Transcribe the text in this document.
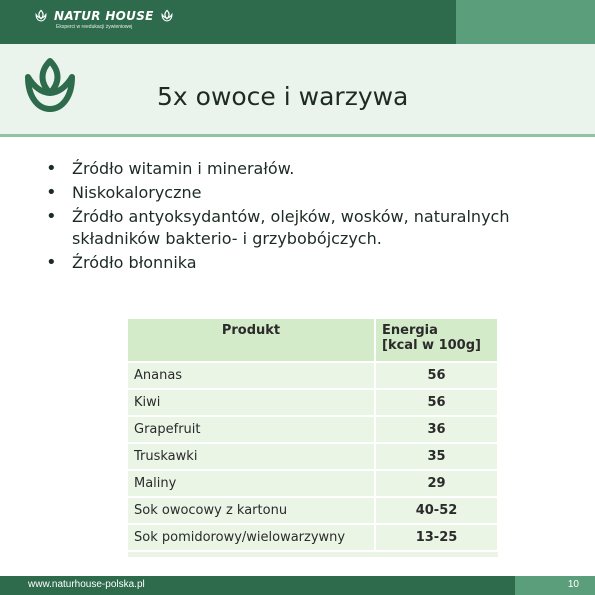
NATUR HOUSE
Eksperci w reedukacji żywieniowej
5x owoce i warzywa
• Źródło witamin i minerałów.
• Niskokaloryczne
• Źródło antyoksydantów, olejków, wosków, naturalnych składników bakterio- i grzybobójczych.
• Źródło błonnika
Produkt	Energia
[kcal w 100g]
Ananas	56
Kiwi	56
Grapefruit	36
Truskawki	35
Maliny	29
Sok owocowy z kartonu	40-52
Sok pomidorowy/wielowarzywny	13-25
www.naturhouse-polska.pl	10
